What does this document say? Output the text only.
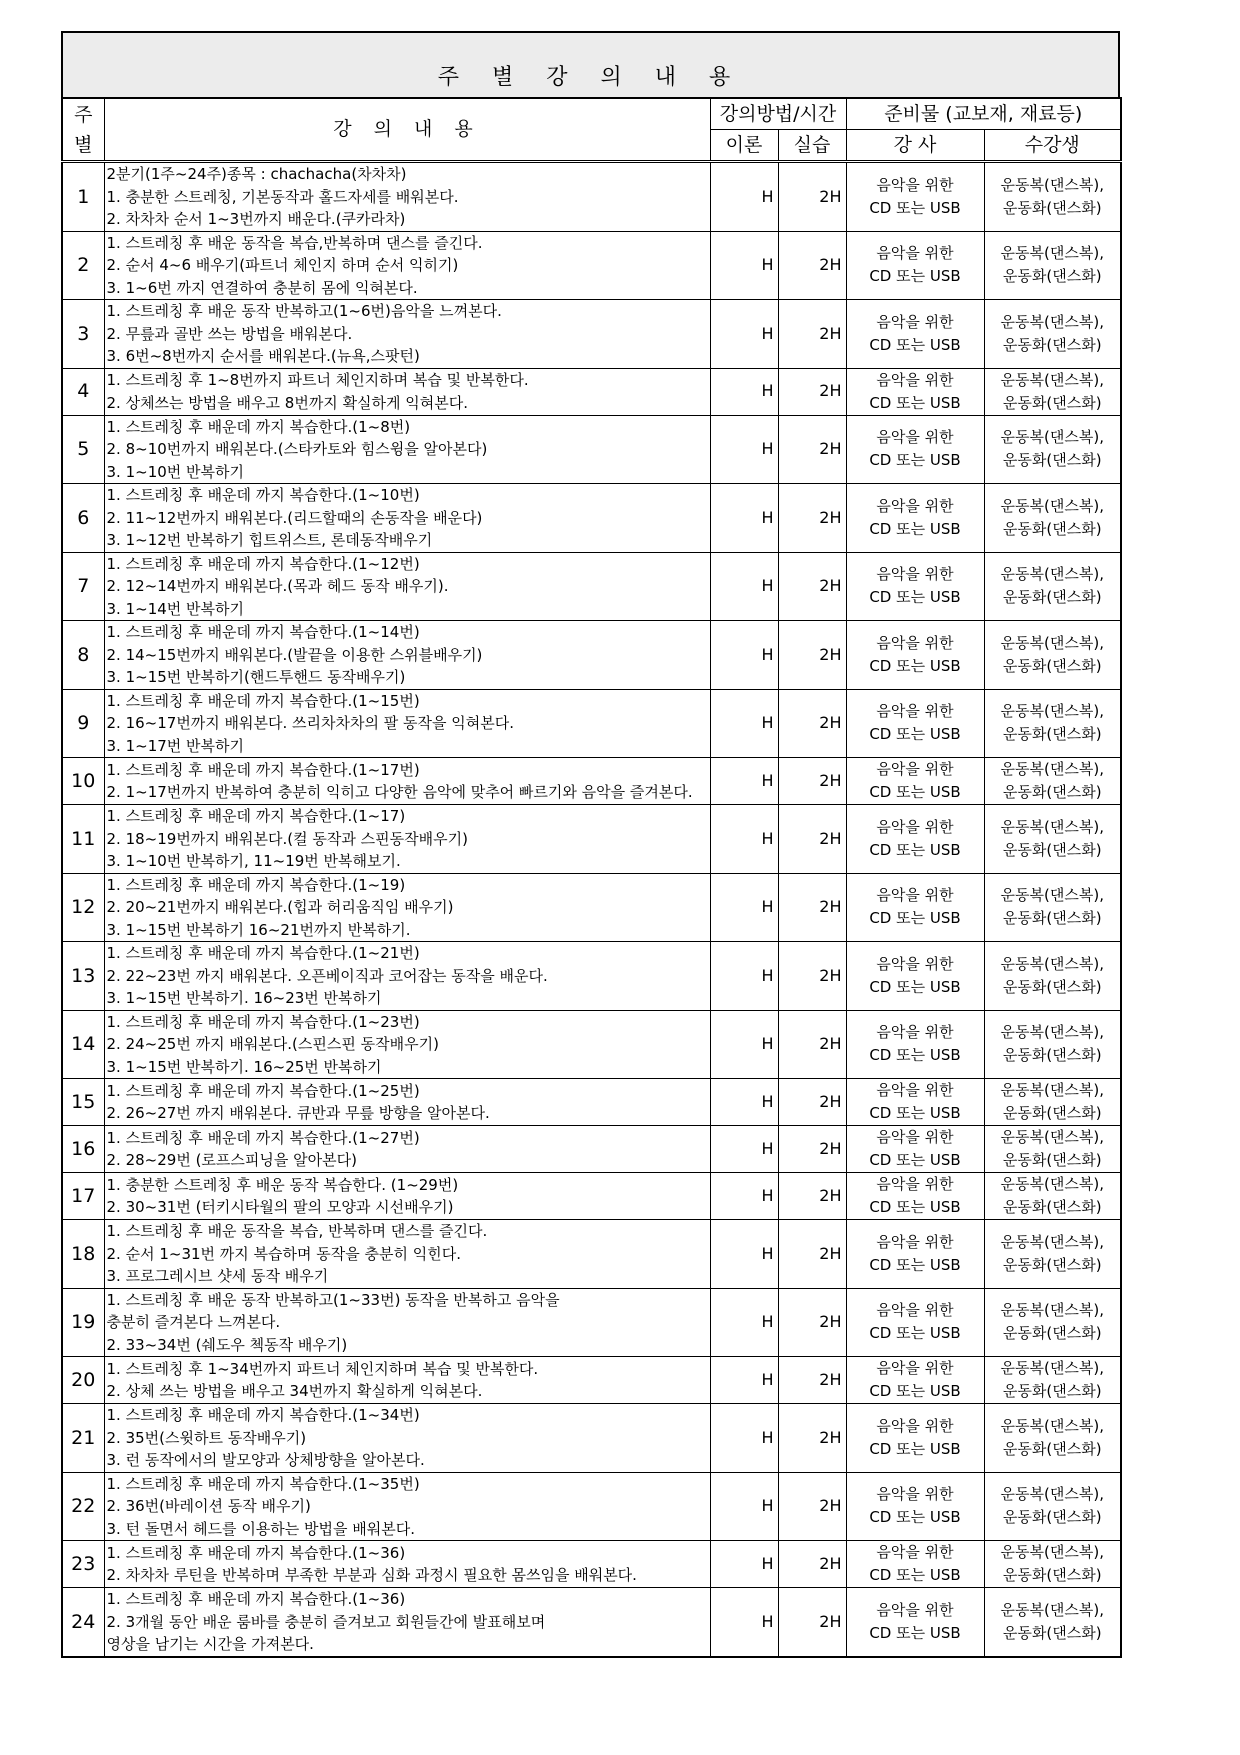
주 별 강 의 내 용
주
별	강 의 내 용	강의방법/시간		준비물 (교보재, 재료등)	
		이론	실습	강 사	수강생
1	2분기(1주~24주)종목 : chachacha(차차차)
1. 충분한 스트레칭, 기본동작과 홀드자세를 배워본다.
2. 차차차 순서 1~3번까지 배운다.(쿠카라차)	H	2H	음악을 위한
CD 또는 USB	운동복(댄스복),
운동화(댄스화)
2	1. 스트레칭 후 배운 동작을 복습,반복하며 댄스를 즐긴다.
2. 순서 4~6 배우기(파트너 체인지 하며 순서 익히기)
3. 1~6번 까지 연결하여 충분히 몸에 익혀본다.	H	2H	음악을 위한
CD 또는 USB	운동복(댄스복),
운동화(댄스화)
3	1. 스트레칭 후 배운 동작 반복하고(1~6번)음악을 느껴본다.
2. 무릎과 골반 쓰는 방법을 배워본다.
3. 6번~8번까지 순서를 배워본다.(뉴욕,스팟턴)	H	2H	음악을 위한
CD 또는 USB	운동복(댄스복),
운동화(댄스화)
4	1. 스트레칭 후 1~8번까지 파트너 체인지하며 복습 및 반복한다.
2. 상체쓰는 방법을 배우고 8번까지 확실하게 익혀본다.	H	2H	음악을 위한
CD 또는 USB	운동복(댄스복),
운동화(댄스화)
5	1. 스트레칭 후 배운데 까지 복습한다.(1~8번)
2. 8~10번까지 배워본다.(스타카토와 힘스윙을 알아본다)
3. 1~10번 반복하기	H	2H	음악을 위한
CD 또는 USB	운동복(댄스복),
운동화(댄스화)
6	1. 스트레칭 후 배운데 까지 복습한다.(1~10번)
2. 11~12번까지 배워본다.(리드할때의 손동작을 배운다)
3. 1~12번 반복하기 힙트위스트, 론데동작배우기	H	2H	음악을 위한
CD 또는 USB	운동복(댄스복),
운동화(댄스화)
7	1. 스트레칭 후 배운데 까지 복습한다.(1~12번)
2. 12~14번까지 배워본다.(목과 헤드 동작 배우기).
3. 1~14번 반복하기	H	2H	음악을 위한
CD 또는 USB	운동복(댄스복),
운동화(댄스화)
8	1. 스트레칭 후 배운데 까지 복습한다.(1~14번)
2. 14~15번까지 배워본다.(발끝을 이용한 스위블배우기)
3. 1~15번 반복하기(핸드투핸드 동작배우기)	H	2H	음악을 위한
CD 또는 USB	운동복(댄스복),
운동화(댄스화)
9	1. 스트레칭 후 배운데 까지 복습한다.(1~15번)
2. 16~17번까지 배워본다. 쓰리차차차의 팔 동작을 익혀본다.
3. 1~17번 반복하기	H	2H	음악을 위한
CD 또는 USB	운동복(댄스복),
운동화(댄스화)
10	1. 스트레칭 후 배운데 까지 복습한다.(1~17번)
2. 1~17번까지 반복하여 충분히 익히고 다양한 음악에 맞추어 빠르기와 음악을 즐겨본다.	H	2H	음악을 위한
CD 또는 USB	운동복(댄스복),
운동화(댄스화)
11	1. 스트레칭 후 배운데 까지 복습한다.(1~17)
2. 18~19번까지 배워본다.(컬 동작과 스핀동작배우기)
3. 1~10번 반복하기, 11~19번 반복해보기.	H	2H	음악을 위한
CD 또는 USB	운동복(댄스복),
운동화(댄스화)
12	1. 스트레칭 후 배운데 까지 복습한다.(1~19)
2. 20~21번까지 배워본다.(힙과 허리움직임 배우기)
3. 1~15번 반복하기 16~21번까지 반복하기.	H	2H	음악을 위한
CD 또는 USB	운동복(댄스복),
운동화(댄스화)
13	1. 스트레칭 후 배운데 까지 복습한다.(1~21번)
2. 22~23번 까지 배워본다. 오픈베이직과 코어잡는 동작을 배운다.
3. 1~15번 반복하기. 16~23번 반복하기	H	2H	음악을 위한
CD 또는 USB	운동복(댄스복),
운동화(댄스화)
14	1. 스트레칭 후 배운데 까지 복습한다.(1~23번)
2. 24~25번 까지 배워본다.(스핀스핀 동작배우기)
3. 1~15번 반복하기. 16~25번 반복하기	H	2H	음악을 위한
CD 또는 USB	운동복(댄스복),
운동화(댄스화)
15	1. 스트레칭 후 배운데 까지 복습한다.(1~25번)
2. 26~27번 까지 배워본다. 큐반과 무릎 방향을 알아본다.	H	2H	음악을 위한
CD 또는 USB	운동복(댄스복),
운동화(댄스화)
16	1. 스트레칭 후 배운데 까지 복습한다.(1~27번)
2. 28~29번 (로프스피닝을 알아본다)	H	2H	음악을 위한
CD 또는 USB	운동복(댄스복),
운동화(댄스화)
17	1. 충분한 스트레칭 후 배운 동작 복습한다. (1~29번)
2. 30~31번 (터키시타월의 팔의 모양과 시선배우기)	H	2H	음악을 위한
CD 또는 USB	운동복(댄스복),
운동화(댄스화)
18	1. 스트레칭 후 배운 동작을 복습, 반복하며 댄스를 즐긴다.
2. 순서 1~31번 까지 복습하며 동작을 충분히 익힌다.
3. 프로그레시브 샷세 동작 배우기	H	2H	음악을 위한
CD 또는 USB	운동복(댄스복),
운동화(댄스화)
19	1. 스트레칭 후 배운 동작 반복하고(1~33번) 동작을 반복하고 음악을
충분히 즐겨본다 느껴본다.
2. 33~34번 (쉐도우 첵동작 배우기)	H	2H	음악을 위한
CD 또는 USB	운동복(댄스복),
운동화(댄스화)
20	1. 스트레칭 후 1~34번까지 파트너 체인지하며 복습 및 반복한다.
2. 상체 쓰는 방법을 배우고 34번까지 확실하게 익혀본다.	H	2H	음악을 위한
CD 또는 USB	운동복(댄스복),
운동화(댄스화)
21	1. 스트레칭 후 배운데 까지 복습한다.(1~34번)
2. 35번(스윗하트 동작배우기)
3. 런 동작에서의 발모양과 상체방향을 알아본다.	H	2H	음악을 위한
CD 또는 USB	운동복(댄스복),
운동화(댄스화)
22	1. 스트레칭 후 배운데 까지 복습한다.(1~35번)
2. 36번(바레이션 동작 배우기)
3. 턴 돌면서 헤드를 이용하는 방법을 배워본다.	H	2H	음악을 위한
CD 또는 USB	운동복(댄스복),
운동화(댄스화)
23	1. 스트레칭 후 배운데 까지 복습한다.(1~36)
2. 차차차 루틴을 반복하며 부족한 부분과 심화 과정시 필요한 몸쓰임을 배워본다.	H	2H	음악을 위한
CD 또는 USB	운동복(댄스복),
운동화(댄스화)
24	1. 스트레칭 후 배운데 까지 복습한다.(1~36)
2. 3개월 동안 배운 룸바를 충분히 즐겨보고 회원들간에 발표해보며
영상을 남기는 시간을 가져본다.	H	2H	음악을 위한
CD 또는 USB	운동복(댄스복),
운동화(댄스화)
